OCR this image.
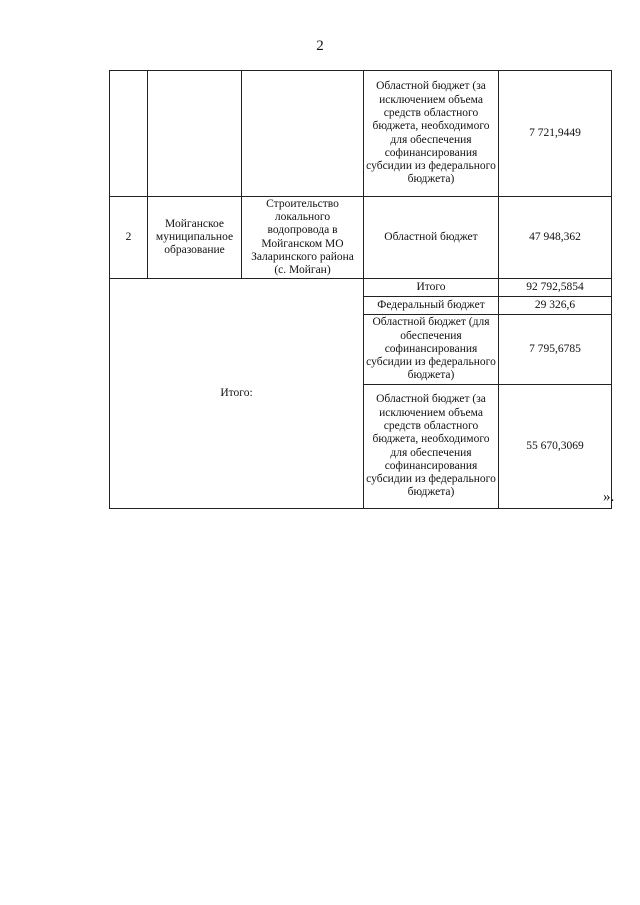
2
			Областной бюджет (за исключением объема средств областного бюджета, необходимого для обеспечения софинансирования субсидии из федерального бюджета)	7 721,9449
2	Мойганское муниципальное образование	Строительство локального водопровода в Мойганском МО Заларинского района (с. Мойган)	Областной бюджет	47 948,362
Итого:			Итого	92 792,5854
			Федеральный бюджет	29 326,6
			Областной бюджет (для обеспечения софинансирования субсидии из федерального бюджета)	7 795,6785
			Областной бюджет (за исключением объема средств областного бюджета, необходимого для обеспечения софинансирования субсидии из федерального бюджета)	55 670,3069
».
